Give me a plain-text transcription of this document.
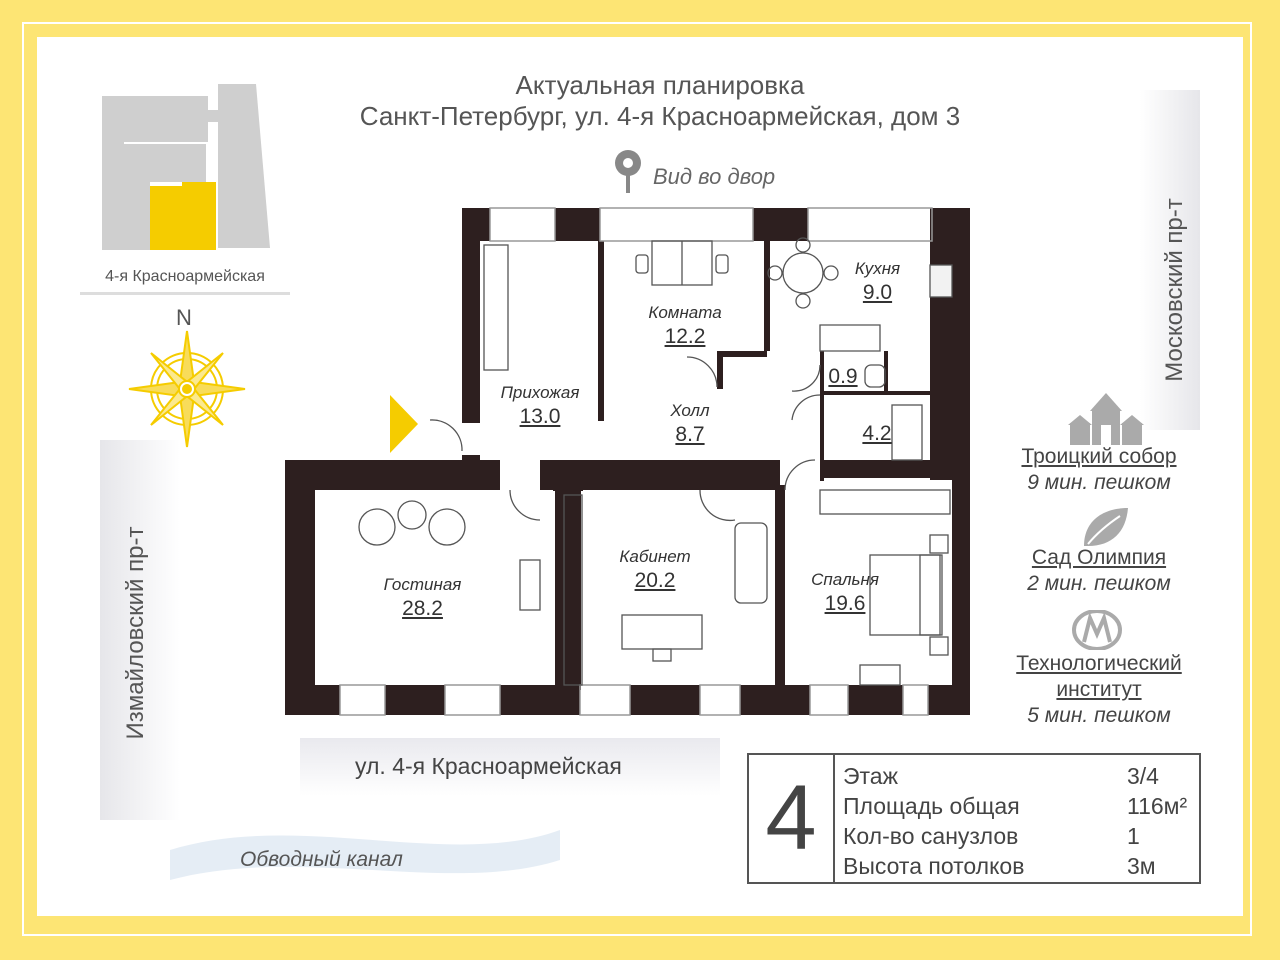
Актуальная планировка
Санкт-Петербург, ул. 4-я Красноармейская, дом 3
Вид во двор
4-я Красноармейская
N	Московский пр-т
Измайловский пр-т
ул. 4-я Красноармейская
Обводный канал
Комната
12.2
Кухня
9.0
Прихожая
13.0	Холл
8.7
0.9
4.2
Гостиная
28.2
Кабинет
20.2	Спальня
19.6
Троицкий собор
9 мин. пешком
Сад Олимпия
2 мин. пешком
Технологический
институт
5 мин. пешком
4	Этаж	3/4
Площадь общая	116м²
Кол-во санузлов	1
Высота потолков	3м
